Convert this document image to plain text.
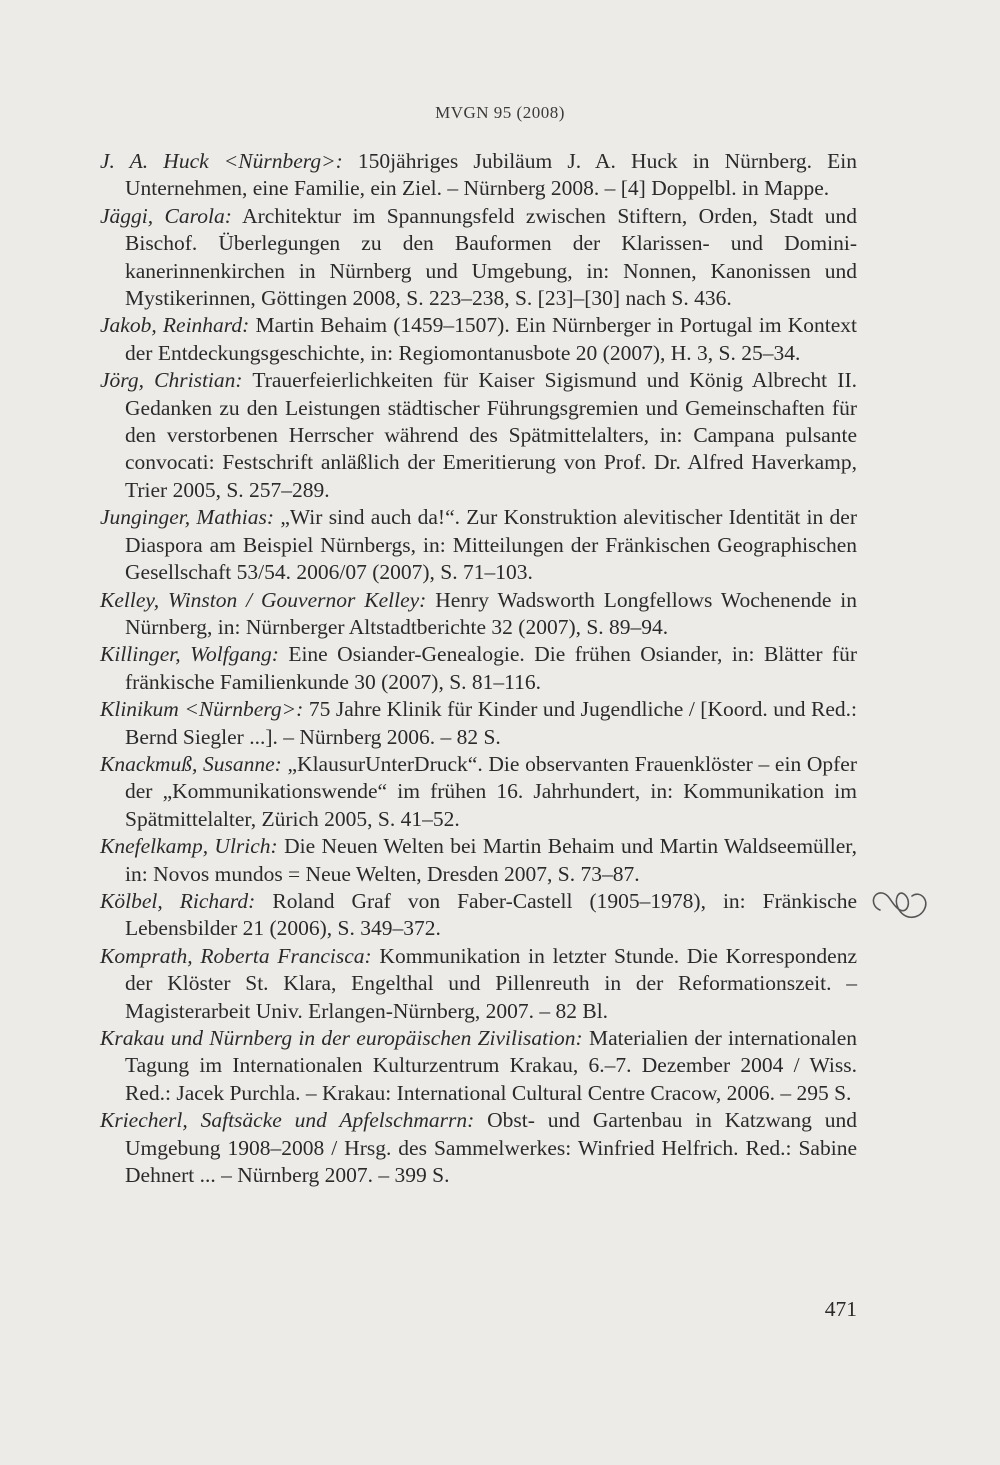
MVGN 95 (2008)
J. A. Huck <Nürnberg>: 150jähriges Jubiläum J. A. Huck in Nürnberg. Ein Unternehmen, eine Familie, ein Ziel. – Nürnberg 2008. – [4] Doppelbl. in Mappe.
Jäggi, Carola: Architektur im Spannungsfeld zwischen Stiftern, Orden, Stadt und Bischof. Überlegungen zu den Bauformen der Klarissen- und Dominikanerinnenkirchen in Nürnberg und Umgebung, in: Nonnen, Kanonissen und Mystikerinnen, Göttingen 2008, S. 223–238, S. [23]–[30] nach S. 436.
Jakob, Reinhard: Martin Behaim (1459–1507). Ein Nürnberger in Portugal im Kontext der Entdeckungsgeschichte, in: Regiomontanusbote 20 (2007), H. 3, S. 25–34.
Jörg, Christian: Trauerfeierlichkeiten für Kaiser Sigismund und König Albrecht II. Gedanken zu den Leistungen städtischer Führungsgremien und Gemeinschaften für den verstorbenen Herrscher während des Spätmittelalters, in: Campana pulsante convocati: Festschrift anläßlich der Emeritierung von Prof. Dr. Alfred Haverkamp, Trier 2005, S. 257–289.
Junginger, Mathias: „Wir sind auch da!“. Zur Konstruktion alevitischer Identität in der Diaspora am Beispiel Nürnbergs, in: Mitteilungen der Fränkischen Geographischen Gesellschaft 53/54. 2006/07 (2007), S. 71–103.
Kelley, Winston / Gouvernor Kelley: Henry Wadsworth Longfellows Wochenende in Nürnberg, in: Nürnberger Altstadtberichte 32 (2007), S. 89–94.
Killinger, Wolfgang: Eine Osiander-Genealogie. Die frühen Osiander, in: Blätter für fränkische Familienkunde 30 (2007), S. 81–116.
Klinikum <Nürnberg>: 75 Jahre Klinik für Kinder und Jugendliche / [Koord. und Red.: Bernd Siegler ...]. – Nürnberg 2006. – 82 S.
Knackmuß, Susanne: „KlausurUnterDruck“. Die observanten Frauenklöster – ein Opfer der „Kommunikationswende“ im frühen 16. Jahrhundert, in: Kommunikation im Spätmittelalter, Zürich 2005, S. 41–52.
Knefelkamp, Ulrich: Die Neuen Welten bei Martin Behaim und Martin Waldseemüller, in: Novos mundos = Neue Welten, Dresden 2007, S. 73–87.
Kölbel, Richard: Roland Graf von Faber-Castell (1905–1978), in: Fränkische Lebensbilder 21 (2006), S. 349–372.
Komprath, Roberta Francisca: Kommunikation in letzter Stunde. Die Korrespondenz der Klöster St. Klara, Engelthal und Pillenreuth in der Reformationszeit. – Magisterarbeit Univ. Erlangen-Nürnberg, 2007. – 82 Bl.
Krakau und Nürnberg in der europäischen Zivilisation: Materialien der internationalen Tagung im Internationalen Kulturzentrum Krakau, 6.–7. Dezember 2004 / Wiss. Red.: Jacek Purchla. – Krakau: International Cultural Centre Cracow, 2006. – 295 S.
Kriecherl, Saftsäcke und Apfelschmarrn: Obst- und Gartenbau in Katzwang und Umgebung 1908–2008 / Hrsg. des Sammelwerkes: Winfried Helfrich. Red.: Sabine Dehnert ... – Nürnberg 2007. – 399 S.
471
